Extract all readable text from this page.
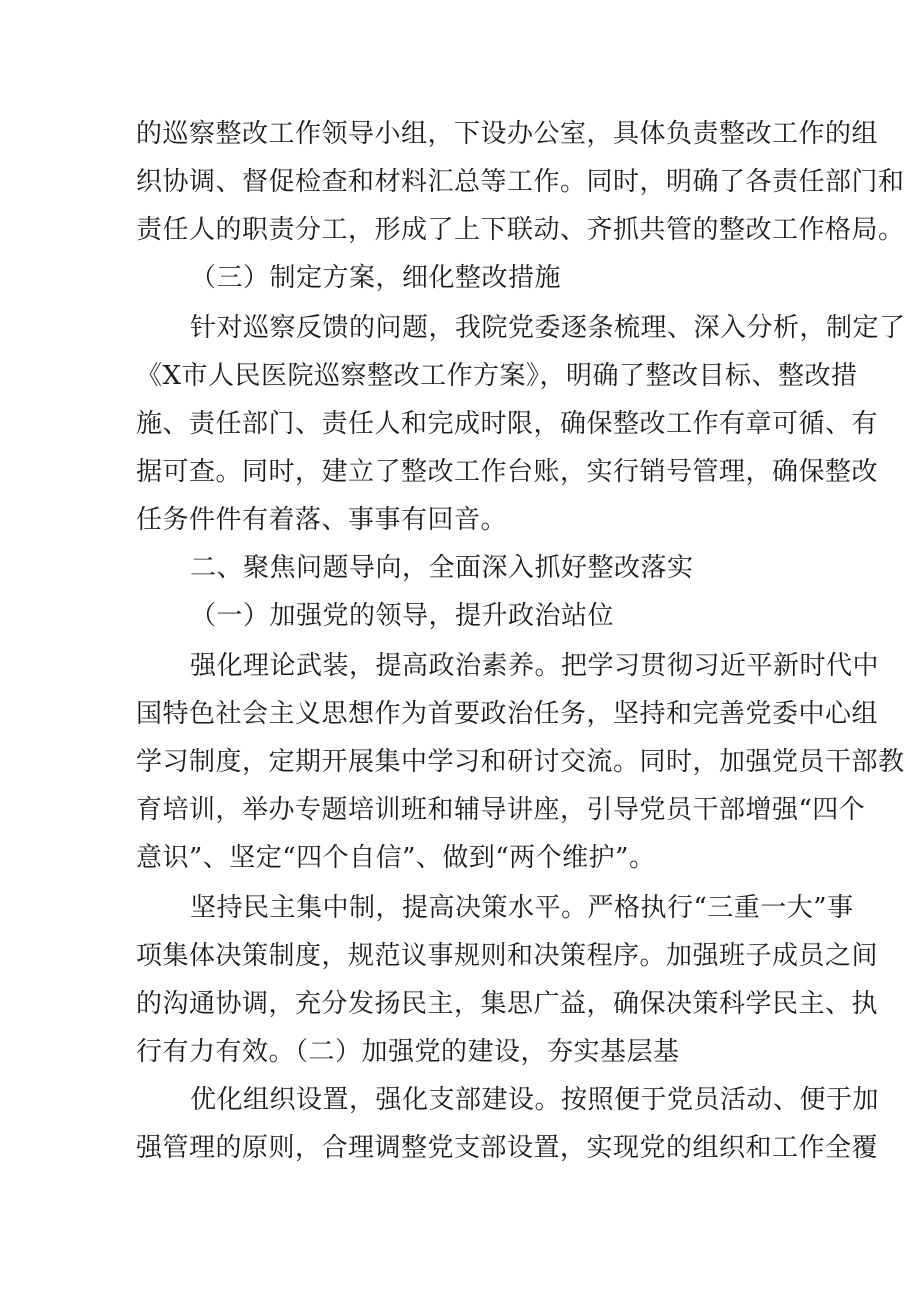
的巡察整改工作领导小组，下设办公室，具体负责整改工作的组
织协调、督促检查和材料汇总等工作。同时，明确了各责任部门和
责任人的职责分工，形成了上下联动、齐抓共管的整改工作格局。
（三）制定方案，细化整改措施
针对巡察反馈的问题，我院党委逐条梳理、深入分析，制定了
《X市人民医院巡察整改工作方案》，明确了整改目标、整改措
施、责任部门、责任人和完成时限，确保整改工作有章可循、有
据可查。同时，建立了整改工作台账，实行销号管理，确保整改
任务件件有着落、事事有回音。
二、聚焦问题导向，全面深入抓好整改落实
（一）加强党的领导，提升政治站位
强化理论武装，提高政治素养。把学习贯彻习近平新时代中
国特色社会主义思想作为首要政治任务，坚持和完善党委中心组
学习制度，定期开展集中学习和研讨交流。同时，加强党员干部教
育培训，举办专题培训班和辅导讲座，引导党员干部增强“四个
意识”、坚定“四个自信”、做到“两个维护”。
坚持民主集中制，提高决策水平。严格执行“三重一大”事
项集体决策制度，规范议事规则和决策程序。加强班子成员之间
的沟通协调，充分发扬民主，集思广益，确保决策科学民主、执
行有力有效。（二）加强党的建设，夯实基层基
优化组织设置，强化支部建设。按照便于党员活动、便于加
强管理的原则，合理调整党支部设置，实现党的组织和工作全覆
